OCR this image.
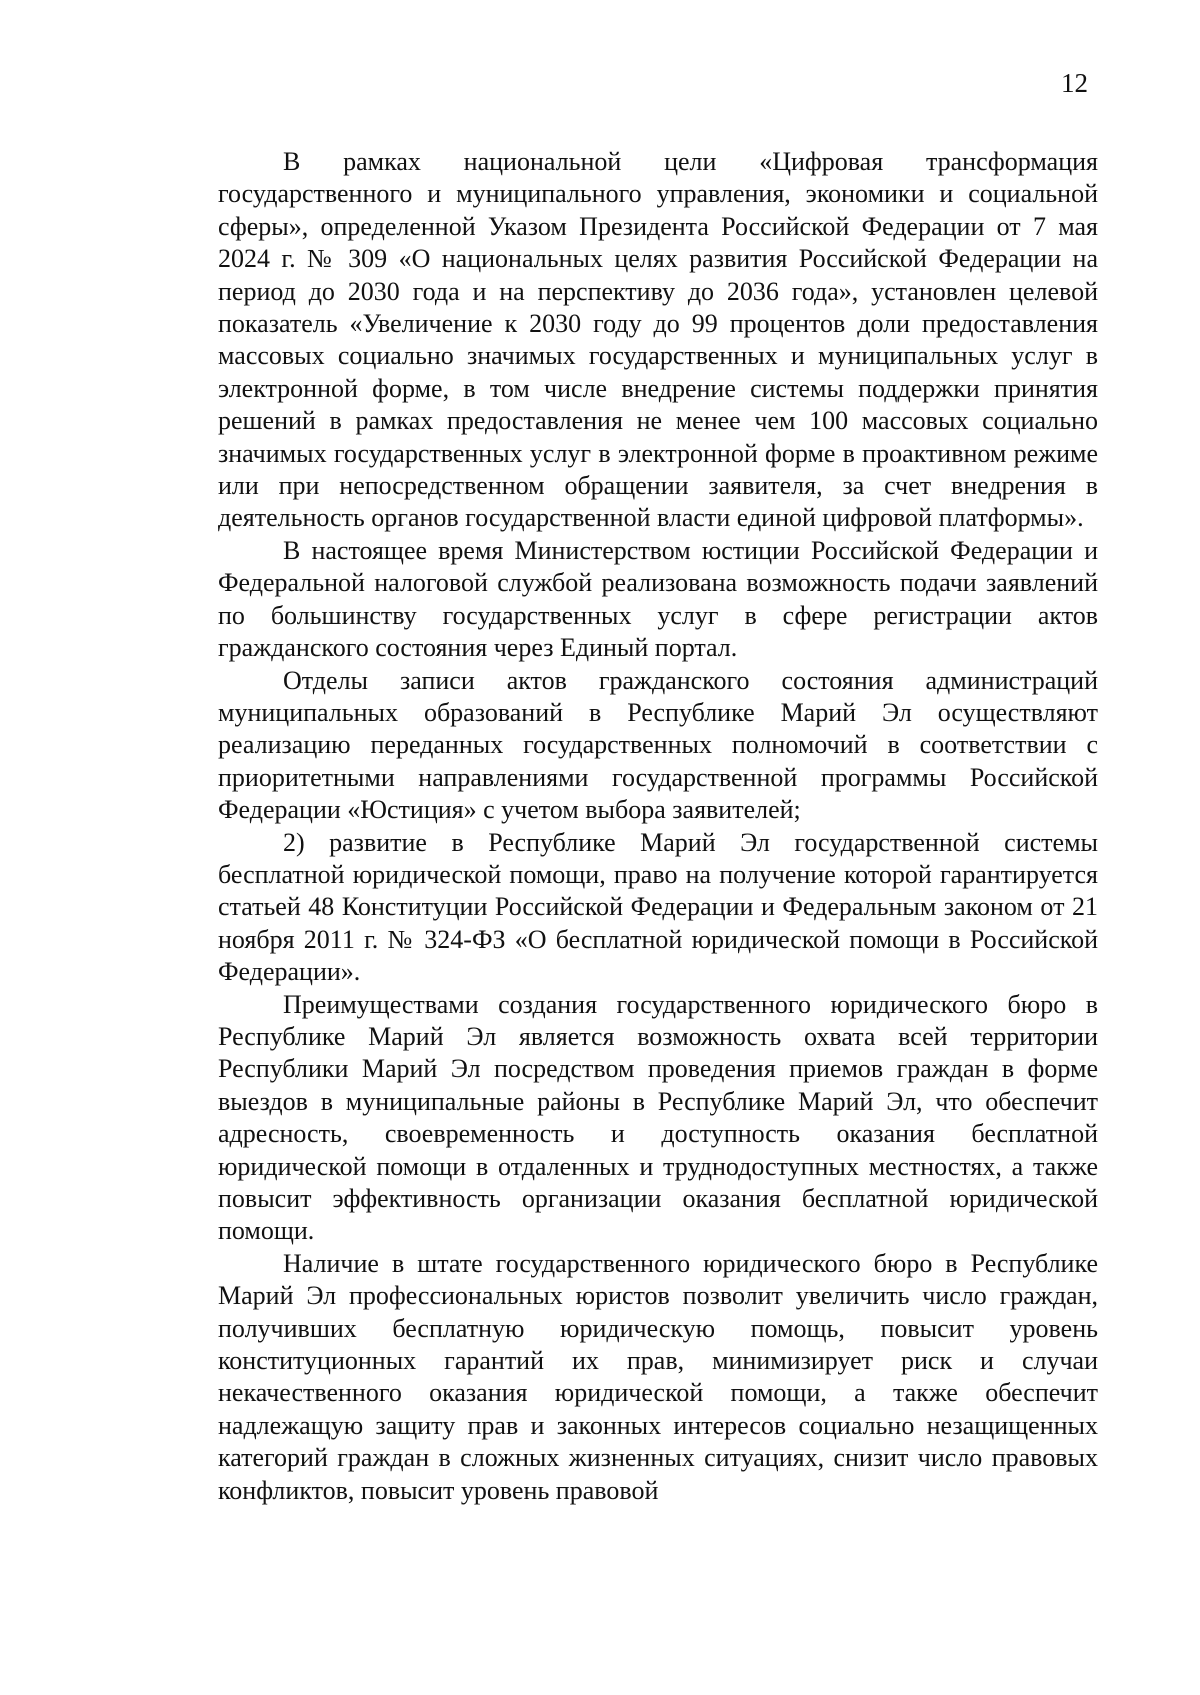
12

В рамках национальной цели «Цифровая трансформация государственного и муниципального управления, экономики и социальной сферы», определенной Указом Президента Российской Федерации от 7 мая 2024 г. № 309 «О национальных целях развития Российской Федерации на период до 2030 года и на перспективу до 2036 года», установлен целевой показатель «Увеличение к 2030 году до 99 процентов доли предоставления массовых социально значимых государственных и муниципальных услуг в электронной форме, в том числе внедрение системы поддержки принятия решений в рамках предоставления не менее чем 100 массовых социально значимых государственных услуг в электронной форме в проактивном режиме или при непосредственном обращении заявителя, за счет внедрения в деятельность органов государственной власти единой цифровой платформы».

В настоящее время Министерством юстиции Российской Федерации и Федеральной налоговой службой реализована возможность подачи заявлений по большинству государственных услуг в сфере регистрации актов гражданского состояния через Единый портал.

Отделы записи актов гражданского состояния администраций муниципальных образований в Республике Марий Эл осуществляют реализацию переданных государственных полномочий в соответствии с приоритетными направлениями государственной программы Российской Федерации «Юстиция» с учетом выбора заявителей;

2) развитие в Республике Марий Эл государственной системы бесплатной юридической помощи, право на получение которой гарантируется статьей 48 Конституции Российской Федерации и Федеральным законом от 21 ноября 2011 г. № 324-ФЗ «О бесплатной юридической помощи в Российской Федерации».

Преимуществами создания государственного юридического бюро в Республике Марий Эл является возможность охвата всей территории Республики Марий Эл посредством проведения приемов граждан в форме выездов в муниципальные районы в Республике Марий Эл, что обеспечит адресность, своевременность и доступность оказания бесплатной юридической помощи в отдаленных и труднодоступных местностях, а также повысит эффективность организации оказания бесплатной юридической помощи.

Наличие в штате государственного юридического бюро в Республике Марий Эл профессиональных юристов позволит увеличить число граждан, получивших бесплатную юридическую помощь, повысит уровень конституционных гарантий их прав, минимизирует риск и случаи некачественного оказания юридической помощи, а также обеспечит надлежащую защиту прав и законных интересов социально незащищенных категорий граждан в сложных жизненных ситуациях, снизит число правовых конфликтов, повысит уровень правовой
